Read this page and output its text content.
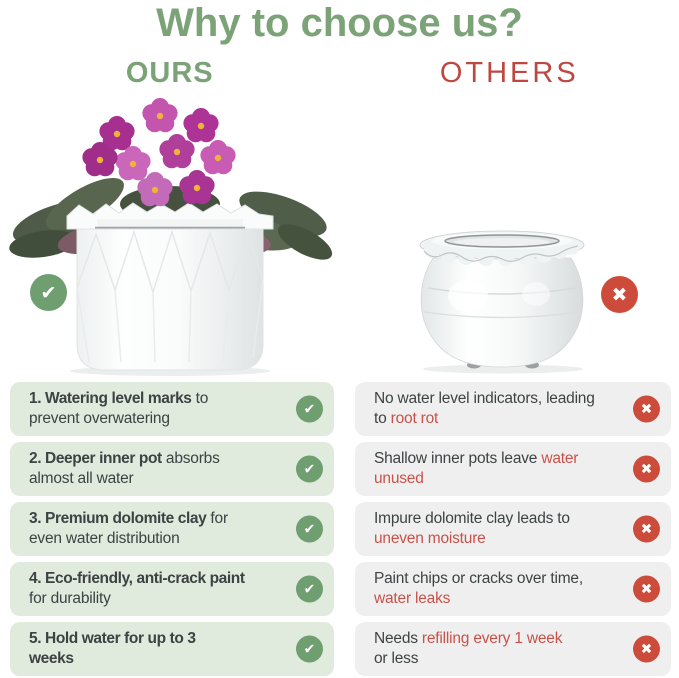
Why to choose us?
OURS	OTHERS
✔	✖
1. Watering level marks to
prevent overwatering
✔
2. Deeper inner pot absorbs
almost all water
✔
3. Premium dolomite clay for
even water distribution
✔
4. Eco-friendly, anti-crack paint
for durability
✔
5. Hold water for up to 3
weeks
✔
No water level indicators, leading
to root rot
✖
Shallow inner pots leave water
unused
✖
Impure dolomite clay leads to
uneven moisture
✖
Paint chips or cracks over time,
water leaks
✖
Needs refilling every 1 week
or less
✖
